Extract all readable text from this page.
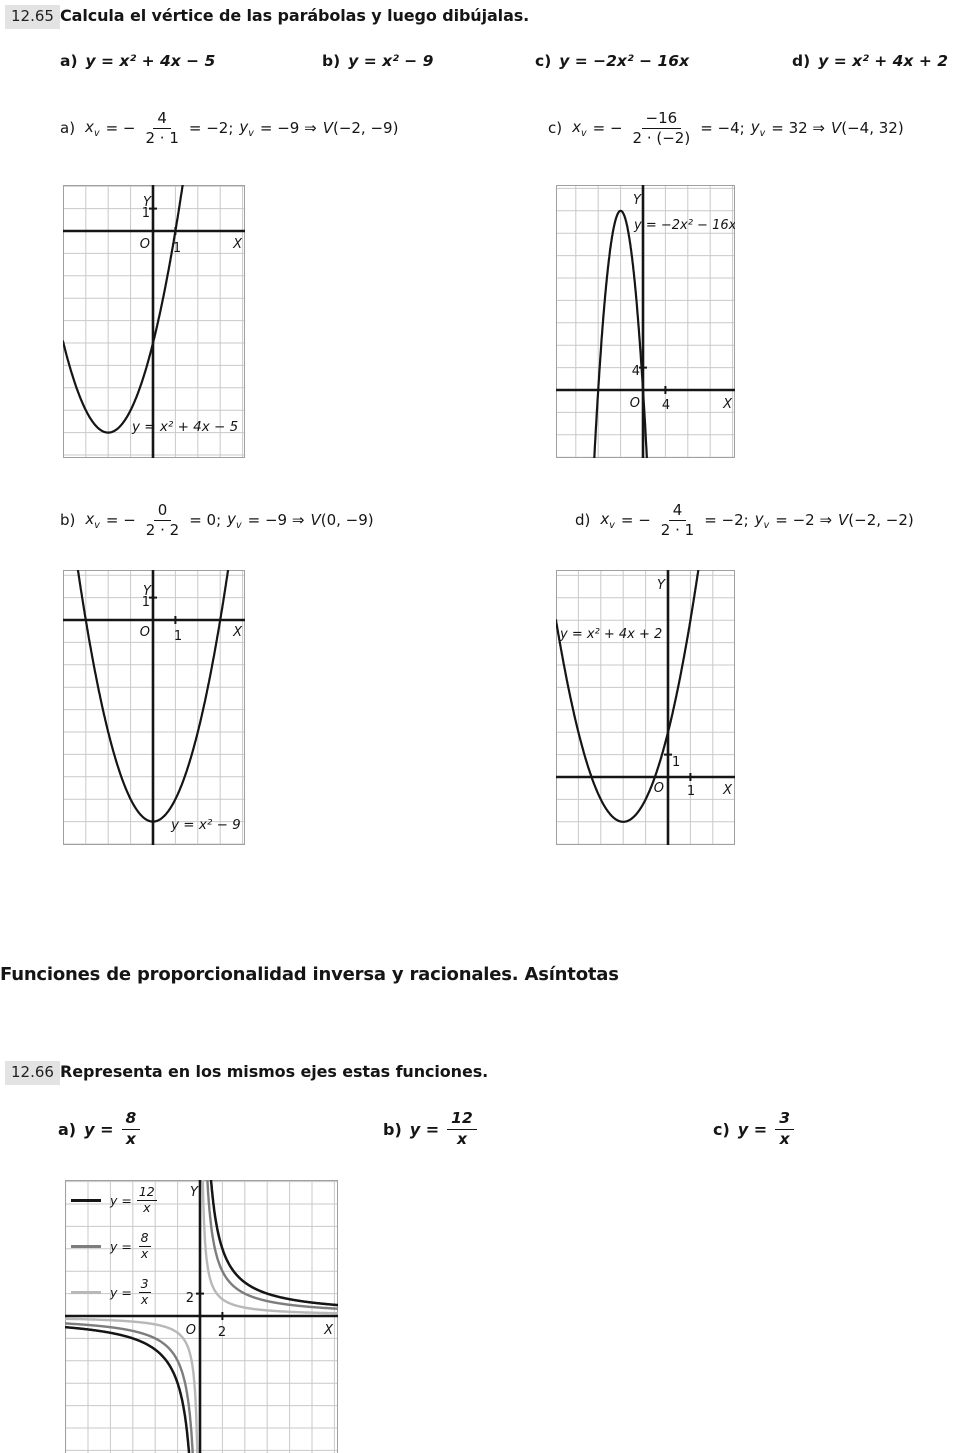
12.65 Calcula el vértice de las parábolas y luego dibújalas.
a) y = x² + 4x − 5	b) y = x² − 9	c) y = −2x² − 16x	d) y = x² + 4x + 2
a) $x_v$ = − $\frac{4}{2 \cdot 1} = -2$; $y_v = -9$ ⇒ V(−2, −9)	c) $x_v$ = − $\frac{-16}{2 \cdot (-2)} = -4$; $y_v = 32$ ⇒ V(−4, 32)
Y
1
O 1	X
y = x² + 4x − 5
Y
y = −2x² − 16x
4
O 4	X
b) $x_v$ = − $\frac{0}{2 \cdot 2} = 0$; $y_v = -9$ ⇒ V(0, −9)	d) $x_v$ = − $\frac{4}{2 \cdot 1} = -2$; $y_v = -2$ ⇒ V(−2, −2)
Y
1
O 1	X
y = x² − 9
Y
y = x² + 4x + 2
1
O 1 X
Funciones de proporcionalidad inversa y racionales. Asíntotas
12.66 Representa en los mismos ejes estas funciones.
a) $y = \frac{8}{x}$	b) $y = \frac{12}{x}$	c) $y = \frac{3}{x}$
$y = \frac{12}{x}$
$y = \frac{8}{x}$
$y = \frac{3}{x}$
Y
2
O 2	X
